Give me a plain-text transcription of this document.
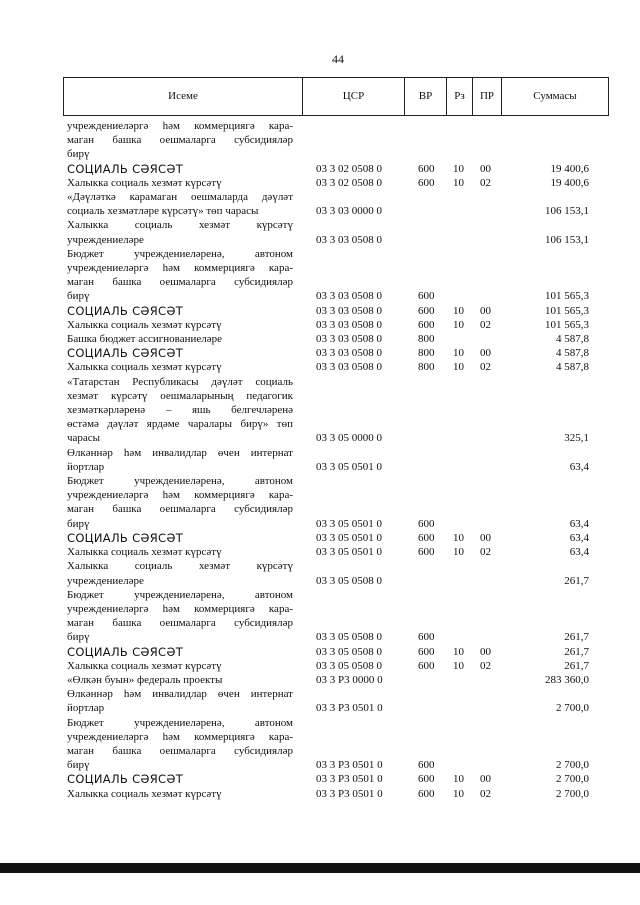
44
Исеме	ЦСР	ВР	Рз	ПР	Суммасы
учреждениеләргә һәм коммерциягә кара-
маган башка оешмаларга субсидияләр
бирү
СОЦИАЛЬ СӘЯСӘТ	03 3 02 0508 0	600 10 00	19 400,6
Халыкка социаль хезмәт күрсәтү	03 3 02 0508 0	600 10 02	19 400,6
«Дәүләткә карамаган оешмаларда дәүләт
социаль хезмәтләре күрсәтү» төп чарасы	03 3 03 0000 0	106 153,1
Халыкка социаль хезмәт күрсәтү
учреждениеләре	03 3 03 0508 0	106 153,1
Бюджет учреждениеләренә, автоном
учреждениеләргә һәм коммерциягә кара-
маган башка оешмаларга субсидияләр
бирү	03 3 03 0508 0	600	101 565,3
СОЦИАЛЬ СӘЯСӘТ	03 3 03 0508 0	600 10 00	101 565,3
Халыкка социаль хезмәт күрсәтү	03 3 03 0508 0	600 10 02	101 565,3
Башка бюджет ассигнованиеләре	03 3 03 0508 0	800	4 587,8
СОЦИАЛЬ СӘЯСӘТ	03 3 03 0508 0	800 10 00	4 587,8
Халыкка социаль хезмәт күрсәтү	03 3 03 0508 0	800 10 02	4 587,8
«Татарстан Республикасы дәүләт социаль
хезмәт күрсәтү оешмаларының педагогик
хезмәткәрләренә – яшь белгечләренә
өстәмә дәүләт ярдәме чаралары бирү» төп
чарасы	03 3 05 0000 0	325,1
Өлкәннәр һәм инвалидлар өчен интернат
йортлар	03 3 05 0501 0	63,4
Бюджет учреждениеләренә, автоном
учреждениеләргә һәм коммерциягә кара-
маган башка оешмаларга субсидияләр
бирү	03 3 05 0501 0	600	63,4
СОЦИАЛЬ СӘЯСӘТ	03 3 05 0501 0	600 10 00	63,4
Халыкка социаль хезмәт күрсәтү	03 3 05 0501 0	600 10 02	63,4
Халыкка социаль хезмәт күрсәтү
учреждениеләре	03 3 05 0508 0	261,7
Бюджет учреждениеләренә, автоном
учреждениеләргә һәм коммерциягә кара-
маган башка оешмаларга субсидияләр
бирү	03 3 05 0508 0	600	261,7
СОЦИАЛЬ СӘЯСӘТ	03 3 05 0508 0	600 10 00	261,7
Халыкка социаль хезмәт күрсәтү	03 3 05 0508 0	600 10 02	261,7
«Өлкән буын» федераль проекты	03 3 P3 0000 0	283 360,0
Өлкәннәр һәм инвалидлар өчен интернат
йортлар	03 3 P3 0501 0	2 700,0
Бюджет учреждениеләренә, автоном
учреждениеләргә һәм коммерциягә кара-
маган башка оешмаларга субсидияләр
бирү	03 3 P3 0501 0	600	2 700,0
СОЦИАЛЬ СӘЯСӘТ	03 3 P3 0501 0	600 10 00	2 700,0
Халыкка социаль хезмәт күрсәтү	03 3 P3 0501 0	600 10 02	2 700,0
